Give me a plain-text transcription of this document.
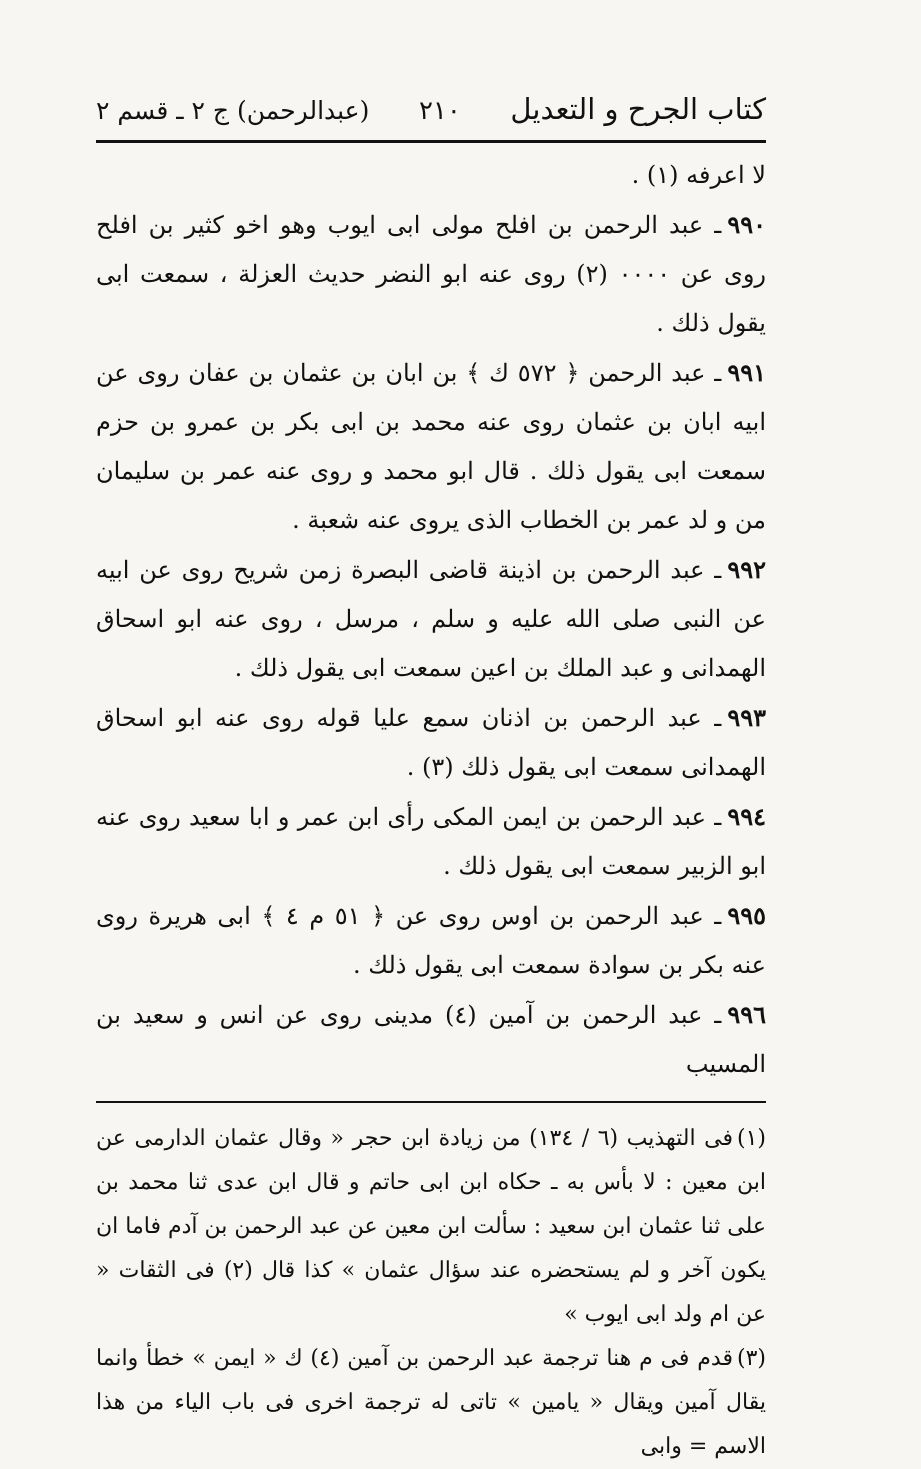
كتاب الجرح و التعديل
٢١٠
(عبدالرحمن) ج ٢ ـ قسم ٢

لا اعرفه (١) .

٩٩٠ـ عبد الرحمن بن افلح مولى ابى ايوب وهو اخو كثير بن افلح روى عن ٠٠٠٠ (٢) روى عنه ابو النضر حديث العزلة ، سمعت ابى يقول ذلك .

٩٩١ـ عبد الرحمن ﴿ ٥٧٢ ك ﴾ بن ابان بن عثمان بن عفان روى عن ابيه ابان بن عثمان روى عنه محمد بن ابى بكر بن عمرو بن حزم سمعت ابى يقول ذلك . قال ابو محمد و روى عنه عمر بن سليمان من و لد عمر بن الخطاب الذى يروى عنه شعبة .

٩٩٢ـ عبد الرحمن بن اذينة قاضى البصرة زمن شريح روى عن ابيه عن النبى صلى الله عليه و سلم ، مرسل ، روى عنه ابو اسحاق الهمدانى و عبد الملك بن اعين سمعت ابى يقول ذلك .

٩٩٣ـ عبد الرحمن بن اذنان سمع عليا قوله روى عنه ابو اسحاق الهمدانى سمعت ابى يقول ذلك (٣) .

٩٩٤ـ عبد الرحمن بن ايمن المكى رأى ابن عمر و ابا سعيد روى عنه ابو الزبير سمعت ابى يقول ذلك .

٩٩٥ـ عبد الرحمن بن اوس روى عن ﴿ ٥١ م ٤ ﴾ ابى هريرة روى عنه بكر بن سوادة سمعت ابى يقول ذلك .

٩٩٦ـ عبد الرحمن بن آمين (٤) مدينى روى عن انس و سعيد بن المسيب

(١)فى التهذيب (٦ / ١٣٤) من زيادة ابن حجر « وقال عثمان الدارمى عن ابن معين : لا بأس به ـ حكاه ابن ابى حاتم و قال ابن عدى ثنا محمد بن على ثنا عثمان ابن سعيد : سألت ابن معين عن عبد الرحمن بن آدم فاما ان يكون آخر و لم يستحضره عند سؤال عثمان » كذا قال (٢) فى الثقات « عن ام ولد ابى ايوب »

(٣)قدم فى م هنا ترجمة عبد الرحمن بن آمين (٤) ك « ايمن » خطأ وانما يقال آمين ويقال « يامين » تاتى له ترجمة اخرى فى باب الياء من هذا الاسم = وابى
